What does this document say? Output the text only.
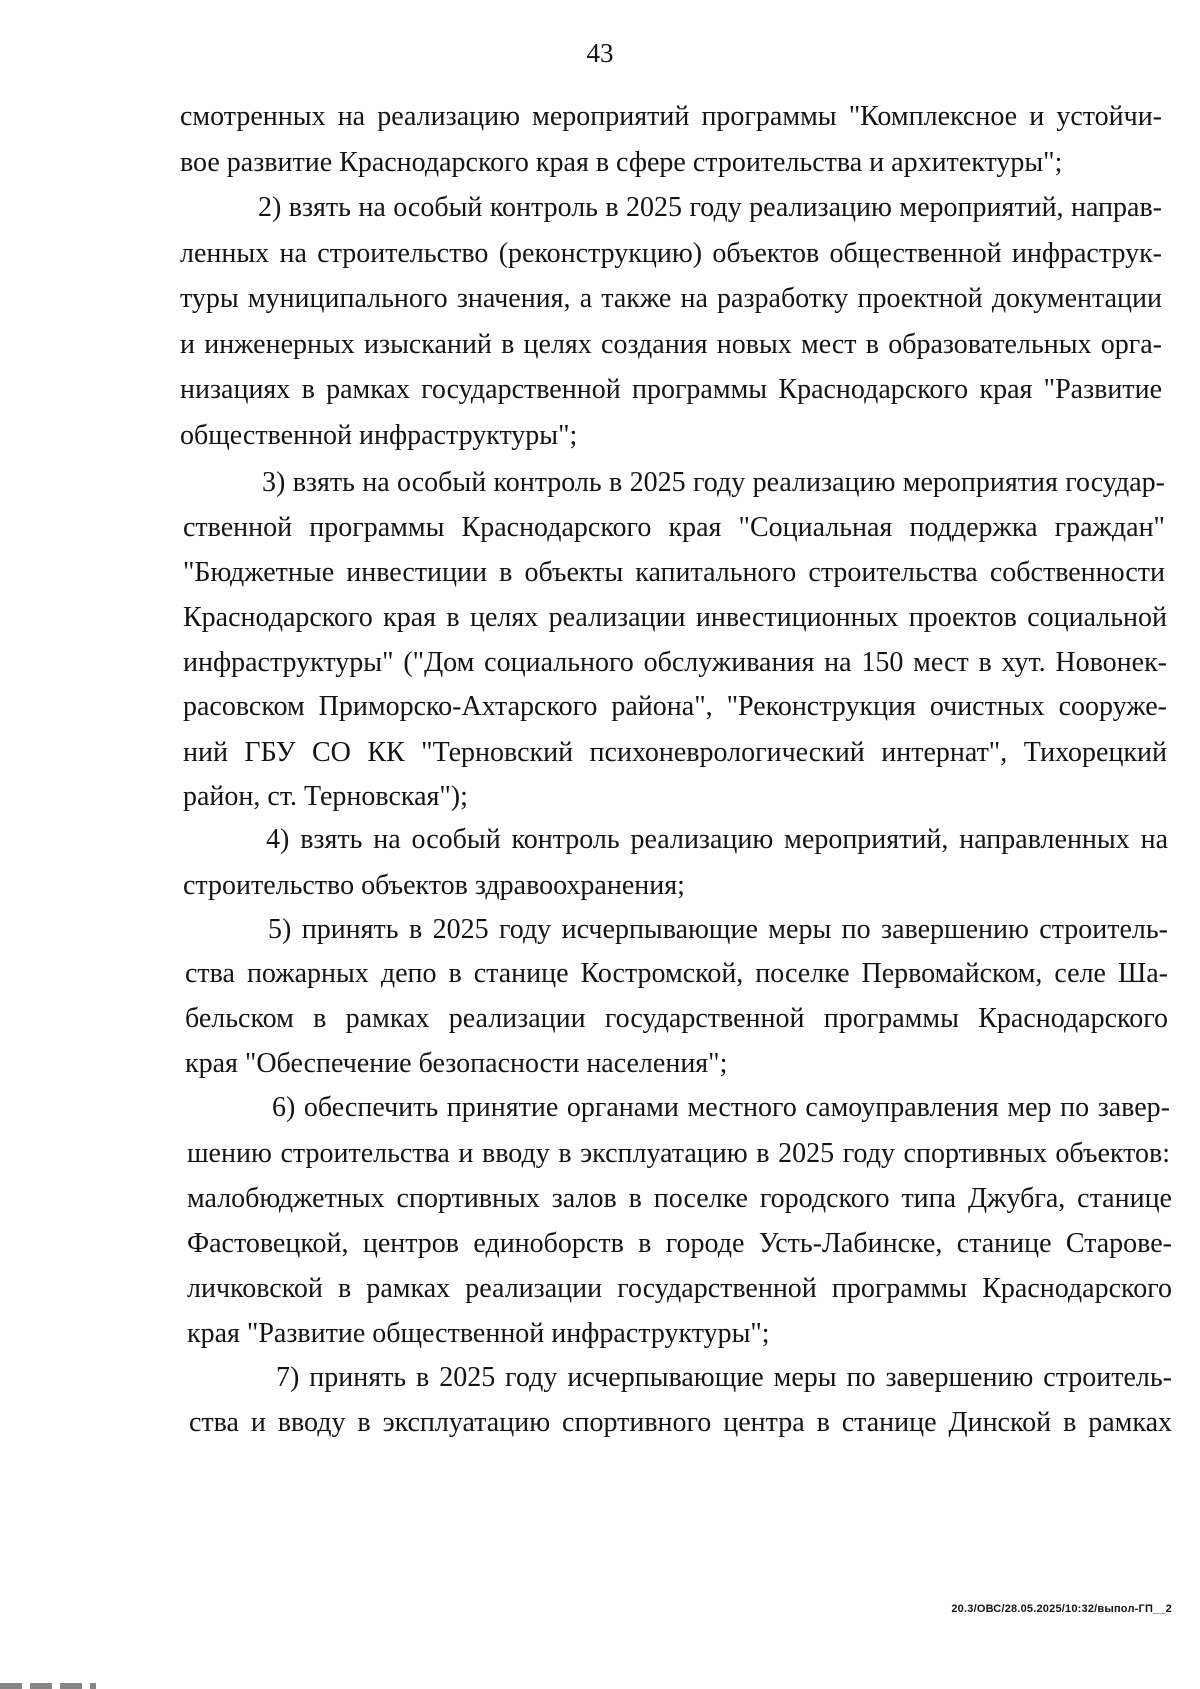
43
смотренных на реализацию мероприятий программы "Комплексное и устойчи-
вое развитие Краснодарского края в сфере строительства и архитектуры";
2) взять на особый контроль в 2025 году реализацию мероприятий, направ-
ленных на строительство (реконструкцию) объектов общественной инфраструк-
туры муниципального значения, а также на разработку проектной документации
и инженерных изысканий в целях создания новых мест в образовательных орга-
низациях в рамках государственной программы Краснодарского края "Развитие
общественной инфраструктуры";
3) взять на особый контроль в 2025 году реализацию мероприятия государ-
ственной программы Краснодарского края "Социальная поддержка граждан"
"Бюджетные инвестиции в объекты капитального строительства собственности
Краснодарского края в целях реализации инвестиционных проектов социальной
инфраструктуры" ("Дом социального обслуживания на 150 мест в хут. Новонек-
расовском Приморско-Ахтарского района", "Реконструкция очистных сооруже-
ний ГБУ СО КК "Терновский психоневрологический интернат", Тихорецкий
район, ст. Терновская");
4) взять на особый контроль реализацию мероприятий, направленных на
строительство объектов здравоохранения;
5) принять в 2025 году исчерпывающие меры по завершению строитель-
ства пожарных депо в станице Костромской, поселке Первомайском, селе Ша-
бельском в рамках реализации государственной программы Краснодарского
края "Обеспечение безопасности населения";
6) обеспечить принятие органами местного самоуправления мер по завер-
шению строительства и вводу в эксплуатацию в 2025 году спортивных объектов:
малобюджетных спортивных залов в поселке городского типа Джубга, станице
Фастовецкой, центров единоборств в городе Усть-Лабинске, станице Старове-
личковской в рамках реализации государственной программы Краснодарского
края "Развитие общественной инфраструктуры";
7) принять в 2025 году исчерпывающие меры по завершению строитель-
ства и вводу в эксплуатацию спортивного центра в станице Динской в рамках
20.3/ОВС/28.05.2025/10:32/выпол-ГП__2
